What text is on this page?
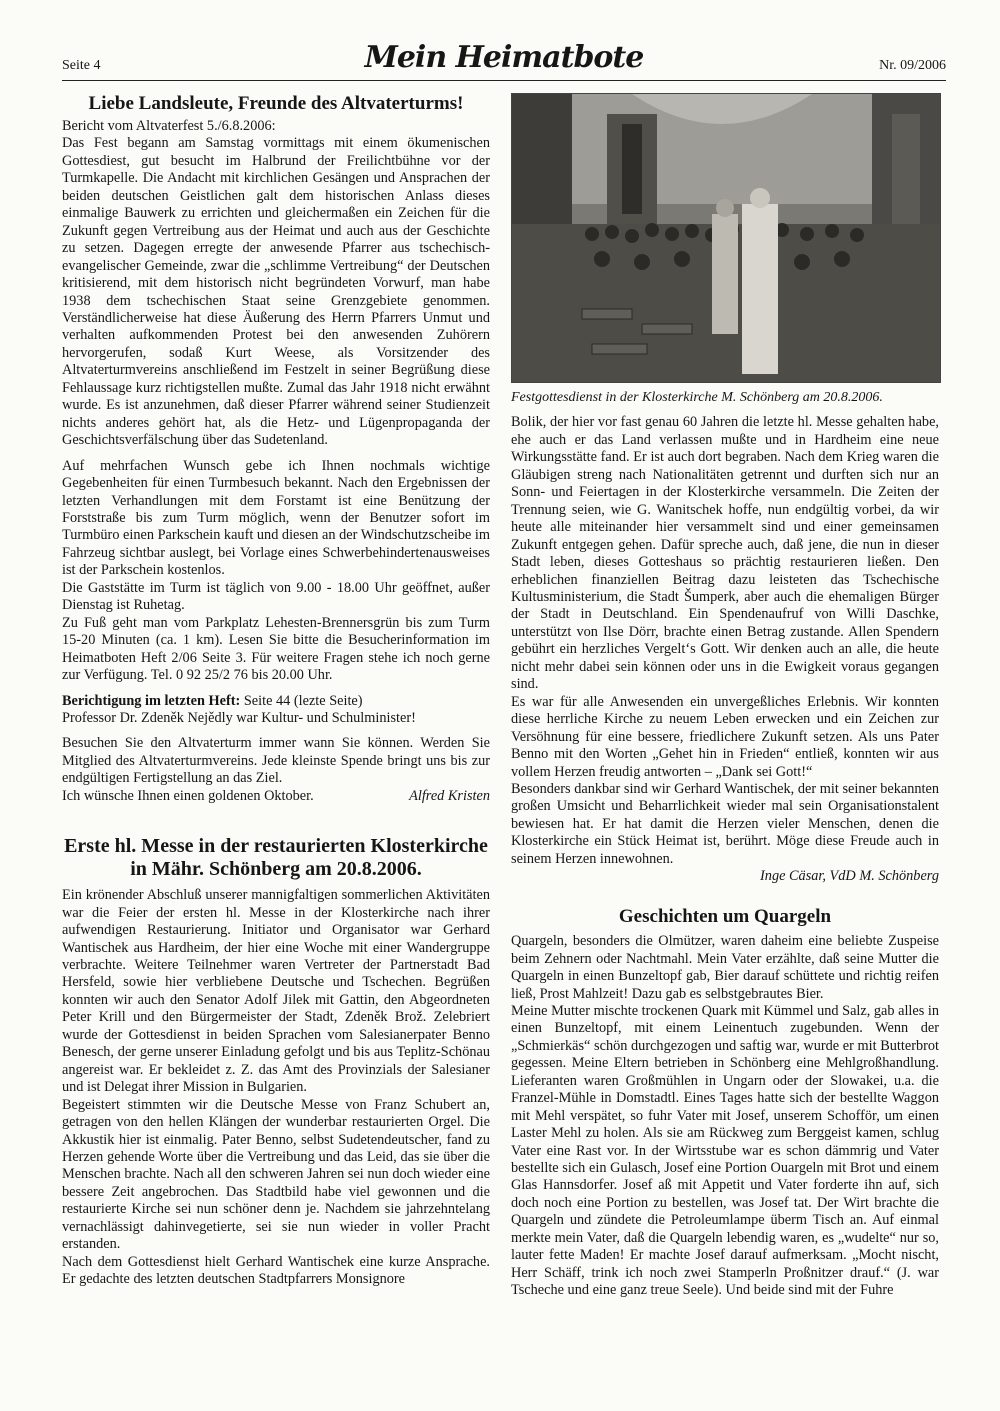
Seite 4	Mein Heimatbote	Nr. 09/2006
Liebe Landsleute, Freunde des Altvaterturms!

Bericht vom Altvaterfest 5./6.8.2006:

Das Fest begann am Samstag vormittags mit einem ökumenischen Gottesdiest, gut besucht im Halbrund der Freilichtbühne vor der Turmkapelle. Die Andacht mit kirchlichen Gesängen und Ansprachen der beiden deutschen Geistlichen galt dem historischen Anlass dieses einmalige Bauwerk zu errichten und gleichermaßen ein Zeichen für die Zukunft gegen Vertreibung aus der Heimat und auch aus der Geschichte zu setzen. Dagegen erregte der anwesende Pfarrer aus tschechisch-evangelischer Gemeinde, zwar die „schlimme Vertreibung“ der Deutschen kritisierend, mit dem historisch nicht begründeten Vorwurf, man habe 1938 dem tschechischen Staat seine Grenzgebiete genommen. Verständlicherweise hat diese Äußerung des Herrn Pfarrers Unmut und verhalten aufkommenden Protest bei den anwesenden Zuhörern hervorgerufen, sodaß Kurt Weese, als Vorsitzender des Altvaterturmvereins anschließend im Festzelt in seiner Begrüßung diese Fehlaussage kurz richtigstellen mußte. Zumal das Jahr 1918 nicht erwähnt wurde. Es ist anzunehmen, daß dieser Pfarrer während seiner Studienzeit nichts anderes gehört hat, als die Hetz- und Lügenpropaganda der Geschichtsverfälschung über das Sudetenland.

Auf mehrfachen Wunsch gebe ich Ihnen nochmals wichtige Gegebenheiten für einen Turmbesuch bekannt. Nach den Ergebnissen der letzten Verhandlungen mit dem Forstamt ist eine Benützung der Forststraße bis zum Turm möglich, wenn der Benutzer sofort im Turmbüro einen Parkschein kauft und diesen an der Windschutzscheibe im Fahrzeug sichtbar auslegt, bei Vorlage eines Schwerbehindertenausweises ist der Parkschein kostenlos.

Die Gaststätte im Turm ist täglich von 9.00 - 18.00 Uhr geöffnet, außer Dienstag ist Ruhetag.

Zu Fuß geht man vom Parkplatz Lehesten-Brennersgrün bis zum Turm 15-20 Minuten (ca. 1 km). Lesen Sie bitte die Besucherinformation im Heimatboten Heft 2/06 Seite 3. Für weitere Fragen stehe ich noch gerne zur Verfügung. Tel. 0 92 25/2 76 bis 20.00 Uhr.

Berichtigung im letzten Heft: Seite 44 (lezte Seite)

Professor Dr. Zdeněk Nejědly war Kultur- und Schulminister!

Besuchen Sie den Altvaterturm immer wann Sie können. Werden Sie Mitglied des Altvaterturmvereins. Jede kleinste Spende bringt uns bis zur endgültigen Fertigstellung an das Ziel.

Ich wünsche Ihnen einen goldenen Oktober.	Alfred Kristen
Erste hl. Messe in der restaurierten Klosterkirche
in Mähr. Schönberg am 20.8.2006.

Ein krönender Abschluß unserer mannigfaltigen sommerlichen Aktivitäten war die Feier der ersten hl. Messe in der Klosterkirche nach ihrer aufwendigen Restaurierung. Initiator und Organisator war Gerhard Wantischek aus Hardheim, der hier eine Woche mit einer Wandergruppe verbrachte. Weitere Teilnehmer waren Vertreter der Partnerstadt Bad Hersfeld, sowie hier verbliebene Deutsche und Tschechen. Begrüßen konnten wir auch den Senator Adolf Jilek mit Gattin, den Abgeordneten Peter Krill und den Bürgermeister der Stadt, Zdeněk Brož. Zelebriert wurde der Gottesdienst in beiden Sprachen vom Salesianerpater Benno Benesch, der gerne unserer Einladung gefolgt und bis aus Teplitz-Schönau angereist war. Er bekleidet z. Z. das Amt des Provinzials der Salesianer und ist Delegat ihrer Mission in Bulgarien.

Begeistert stimmten wir die Deutsche Messe von Franz Schubert an, getragen von den hellen Klängen der wunderbar restaurierten Orgel. Die Akkustik hier ist einmalig. Pater Benno, selbst Sudetendeutscher, fand zu Herzen gehende Worte über die Vertreibung und das Leid, das sie über die Menschen brachte. Nach all den schweren Jahren sei nun doch wieder eine bessere Zeit angebrochen. Das Stadtbild habe viel gewonnen und die restaurierte Kirche sei nun schöner denn je. Nachdem sie jahrzehntelang vernachlässigt dahinvegetierte, sei sie nun wieder in voller Pracht erstanden.

Nach dem Gottesdienst hielt Gerhard Wantischek eine kurze Ansprache. Er gedachte des letzten deutschen Stadtpfarrers Monsignore

Festgottesdienst in der Klosterkirche M. Schönberg am 20.8.2006.

Bolik, der hier vor fast genau 60 Jahren die letzte hl. Messe gehalten habe, ehe auch er das Land verlassen mußte und in Hardheim eine neue Wirkungsstätte fand. Er ist auch dort begraben. Nach dem Krieg waren die Gläubigen streng nach Nationalitäten getrennt und durften sich nur an Sonn- und Feiertagen in der Klosterkirche versammeln. Die Zeiten der Trennung seien, wie G. Wanitschek hoffe, nun endgültig vorbei, da wir heute alle miteinander hier versammelt sind und einer gemeinsamen Zukunft entgegen gehen. Dafür spreche auch, daß jene, die nun in dieser Stadt leben, dieses Gotteshaus so prächtig restaurieren ließen. Den erheblichen finanziellen Beitrag dazu leisteten das Tschechische Kultusministerium, die Stadt Šumperk, aber auch die ehemaligen Bürger der Stadt in Deutschland. Ein Spendenaufruf von Willi Daschke, unterstützt von Ilse Dörr, brachte einen Betrag zustande. Allen Spendern gebührt ein herzliches Vergelt‘s Gott. Wir denken auch an alle, die heute nicht mehr dabei sein können oder uns in die Ewigkeit voraus gegangen sind.

Es war für alle Anwesenden ein unvergeßliches Erlebnis. Wir konnten diese herrliche Kirche zu neuem Leben erwecken und ein Zeichen zur Versöhnung für eine bessere, friedlichere Zukunft setzen. Als uns Pater Benno mit den Worten „Gehet hin in Frieden“ entließ, konnten wir aus vollem Herzen freudig antworten – „Dank sei Gott!“

Besonders dankbar sind wir Gerhard Wantischek, der mit seiner bekannten großen Umsicht und Beharrlichkeit wieder mal sein Organisationstalent bewiesen hat. Er hat damit die Herzen vieler Menschen, denen die Klosterkirche ein Stück Heimat ist, berührt. Möge diese Freude auch in seinem Herzen innewohnen.

Inge Cäsar, VdD M. Schönberg
Geschichten um Quargeln

Quargeln, besonders die Olmützer, waren daheim eine beliebte Zuspeise beim Zehnern oder Nachtmahl. Mein Vater erzählte, daß seine Mutter die Quargeln in einen Bunzeltopf gab, Bier darauf schüttete und richtig reifen ließ, Prost Mahlzeit! Dazu gab es selbstgebrautes Bier.

Meine Mutter mischte trockenen Quark mit Kümmel und Salz, gab alles in einen Bunzeltopf, mit einem Leinentuch zugebunden. Wenn der „Schmierkäs“ schön durchgezogen und saftig war, wurde er mit Butterbrot gegessen. Meine Eltern betrieben in Schönberg eine Mehlgroßhandlung. Lieferanten waren Großmühlen in Ungarn oder der Slowakei, u.a. die Franzel-Mühle in Domstadtl. Eines Tages hatte sich der bestellte Waggon mit Mehl verspätet, so fuhr Vater mit Josef, unserem Schofför, um einen Laster Mehl zu holen. Als sie am Rückweg zum Berggeist kamen, schlug Vater eine Rast vor. In der Wirtsstube war es schon dämmrig und Vater bestellte sich ein Gulasch, Josef eine Portion Ouargeln mit Brot und einem Glas Hannsdorfer. Josef aß mit Appetit und Vater forderte ihn auf, sich doch noch eine Portion zu bestellen, was Josef tat. Der Wirt brachte die Quargeln und zündete die Petroleumlampe überm Tisch an. Auf einmal merkte mein Vater, daß die Quargeln lebendig waren, es „wudelte“ nur so, lauter fette Maden! Er machte Josef darauf aufmerksam. „Mocht nischt, Herr Schäff, trink ich noch zwei Stamperln Proßnitzer drauf.“ (J. war Tscheche und eine ganz treue Seele). Und beide sind mit der Fuhre
